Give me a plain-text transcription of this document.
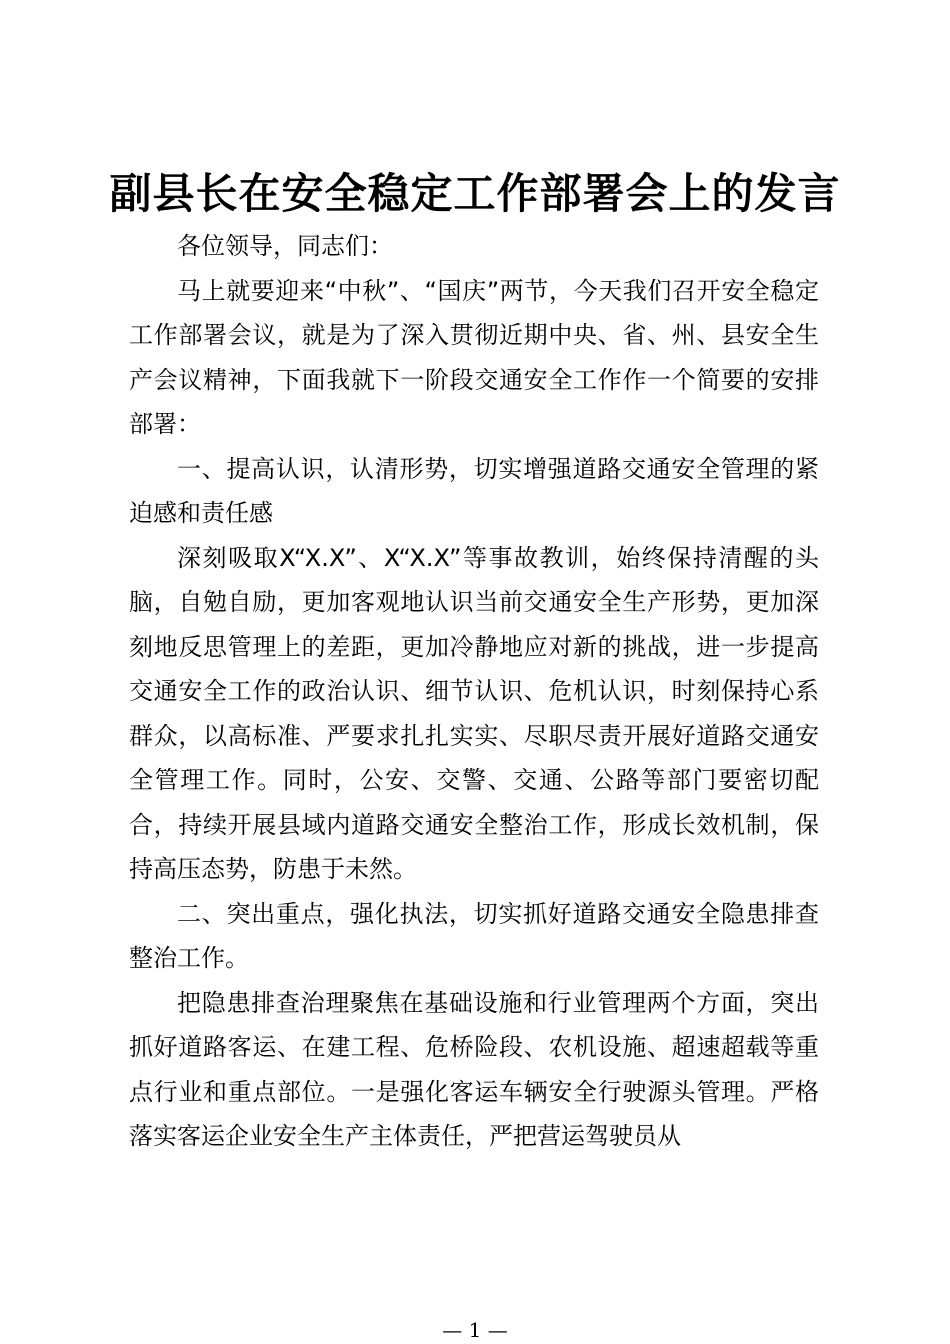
副县长在安全稳定工作部署会上的发言

各位领导，同志们：

马上就要迎来“中秋”、“国庆”两节，今天我们召开安全稳定工作部署会议，就是为了深入贯彻近期中央、省、州、县安全生产会议精神，下面我就下一阶段交通安全工作作一个简要的安排部署：

一、提高认识，认清形势，切实增强道路交通安全管理的紧迫感和责任感

深刻吸取X“X.X”、X“X.X”等事故教训，始终保持清醒的头脑，自勉自励，更加客观地认识当前交通安全生产形势，更加深刻地反思管理上的差距，更加冷静地应对新的挑战，进一步提高交通安全工作的政治认识、细节认识、危机认识，时刻保持心系群众，以高标准、严要求扎扎实实、尽职尽责开展好道路交通安全管理工作。同时，公安、交警、交通、公路等部门要密切配合，持续开展县域内道路交通安全整治工作，形成长效机制，保持高压态势，防患于未然。

二、突出重点，强化执法，切实抓好道路交通安全隐患排查整治工作。

把隐患排查治理聚焦在基础设施和行业管理两个方面，突出抓好道路客运、在建工程、危桥险段、农机设施、超速超载等重点行业和重点部位。一是强化客运车辆安全行驶源头管理。严格落实客运企业安全生产主体责任，严把营运驾驶员从

— 1 —
